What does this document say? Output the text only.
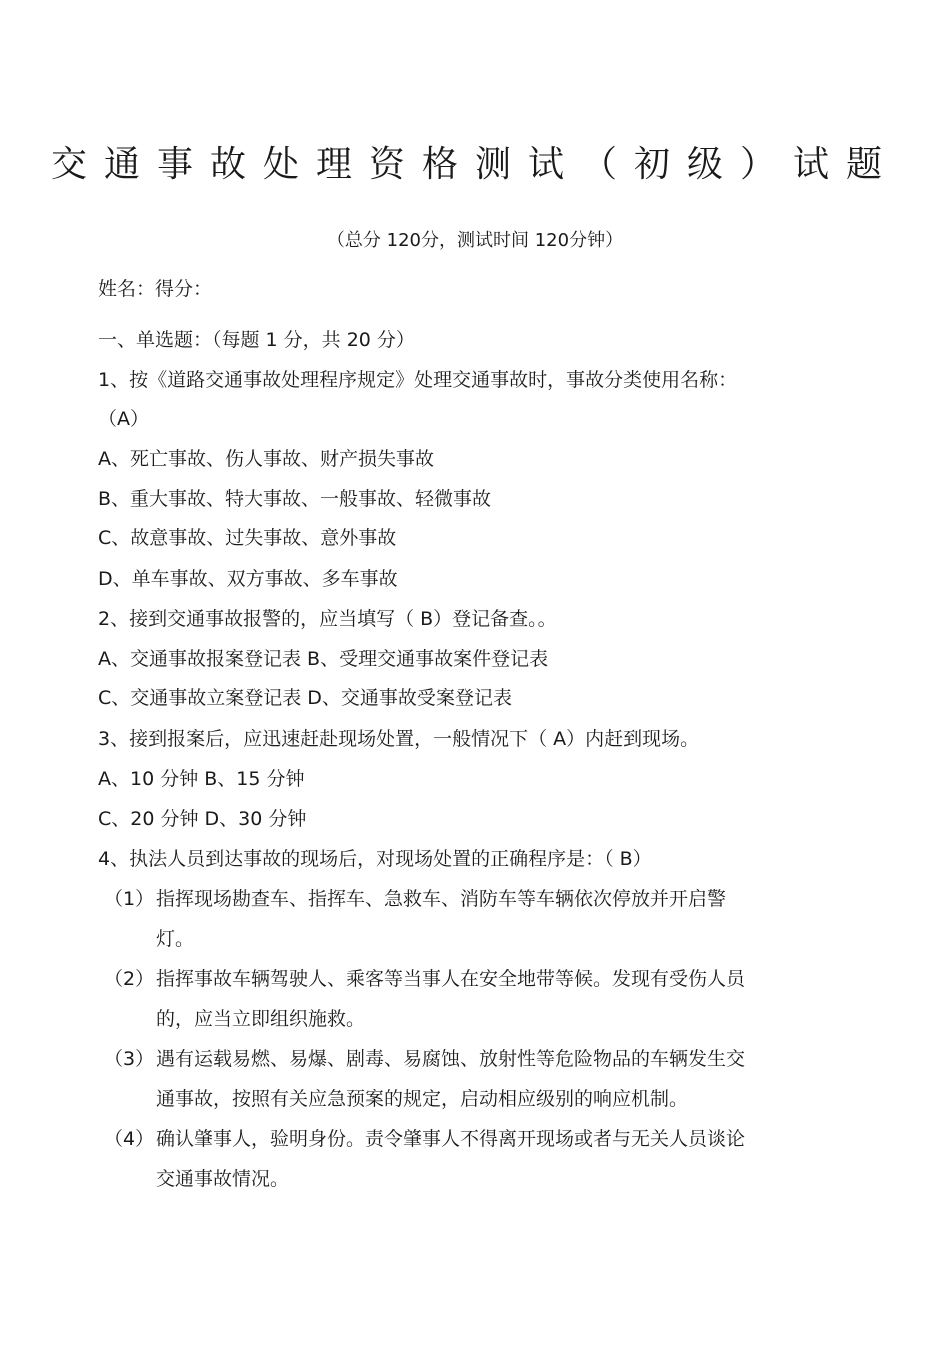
交通事故处理资格测试（初级）试题
（总分 120分，测试时间 120分钟）
姓名：得分：
一、单选题：（每题 1 分，共 20 分）
1、按《道路交通事故处理程序规定》处理交通事故时，事故分类使用名称：
（A）
A、死亡事故、伤人事故、财产损失事故
B、重大事故、特大事故、一般事故、轻微事故
C、故意事故、过失事故、意外事故
D、单车事故、双方事故、多车事故
2、接到交通事故报警的，应当填写（ B）登记备查。。
A、交通事故报案登记表 B、受理交通事故案件登记表
C、交通事故立案登记表 D、交通事故受案登记表
3、接到报案后，应迅速赶赴现场处置，一般情况下（ A）内赶到现场。
A、10 分钟 B、15 分钟
C、20 分钟 D、30 分钟
4、执法人员到达事故的现场后，对现场处置的正确程序是：（ B）
（1） 指挥现场勘查车、指挥车、急救车、消防车等车辆依次停放并开启警
灯。
（2） 指挥事故车辆驾驶人、乘客等当事人在安全地带等候。发现有受伤人员
的，应当立即组织施救。
（3） 遇有运载易燃、易爆、剧毒、易腐蚀、放射性等危险物品的车辆发生交
通事故，按照有关应急预案的规定，启动相应级别的响应机制。
（4） 确认肇事人，验明身份。责令肇事人不得离开现场或者与无关人员谈论
交通事故情况。
